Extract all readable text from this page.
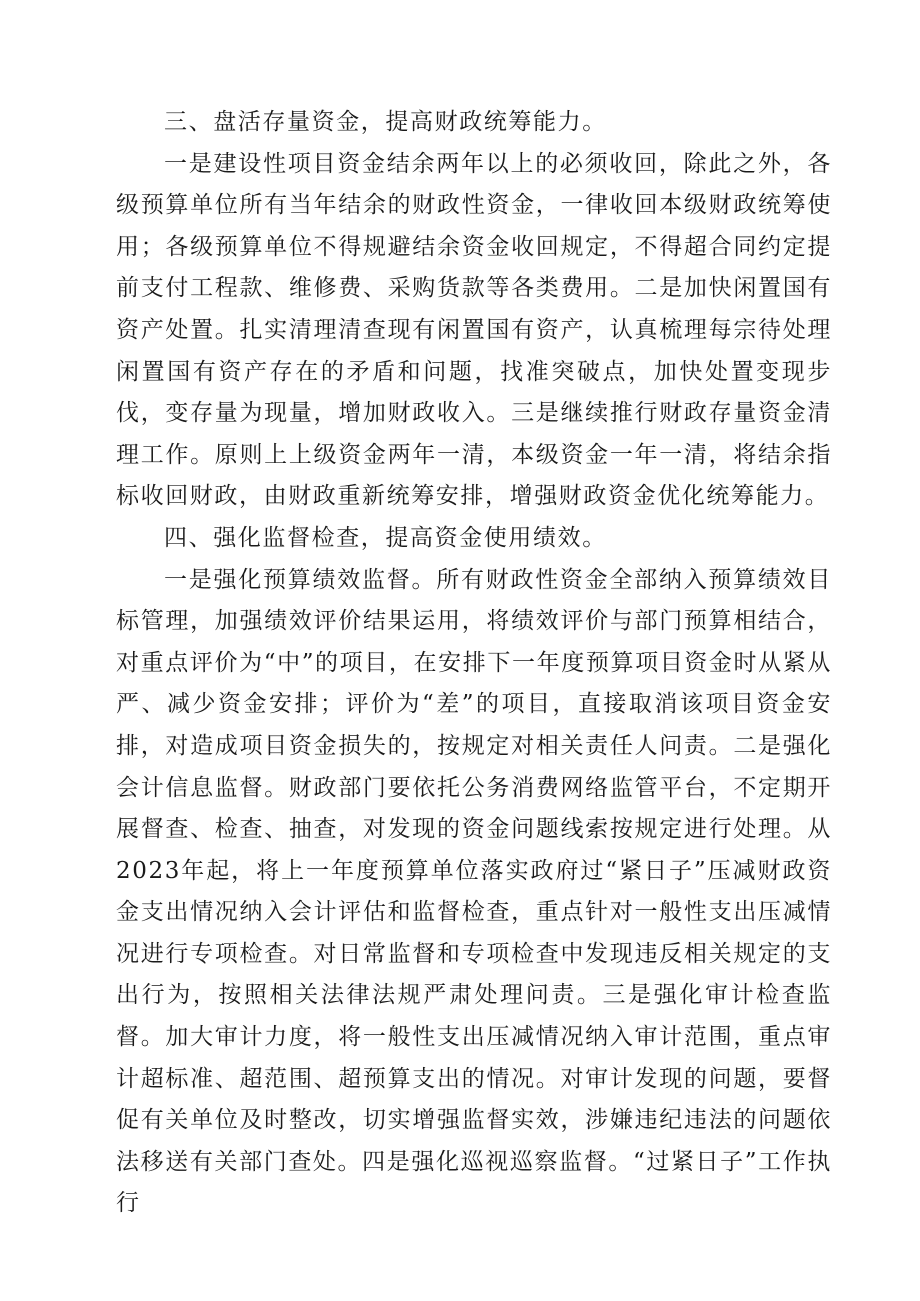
三、盘活存量资金，提高财政统筹能力。

一是建设性项目资金结余两年以上的必须收回，除此之外，各级预算单位所有当年结余的财政性资金，一律收回本级财政统筹使用；各级预算单位不得规避结余资金收回规定，不得超合同约定提前支付工程款、维修费、采购货款等各类费用。二是加快闲置国有资产处置。扎实清理清查现有闲置国有资产，认真梳理每宗待处理闲置国有资产存在的矛盾和问题，找准突破点，加快处置变现步伐，变存量为现量，增加财政收入。三是继续推行财政存量资金清理工作。原则上上级资金两年一清，本级资金一年一清，将结余指标收回财政，由财政重新统筹安排，增强财政资金优化统筹能力。

四、强化监督检查，提高资金使用绩效。

一是强化预算绩效监督。所有财政性资金全部纳入预算绩效目标管理，加强绩效评价结果运用，将绩效评价与部门预算相结合，对重点评价为“中”的项目，在安排下一年度预算项目资金时从紧从严、减少资金安排；评价为“差”的项目，直接取消该项目资金安排，对造成项目资金损失的，按规定对相关责任人问责。二是强化会计信息监督。财政部门要依托公务消费网络监管平台，不定期开展督查、检查、抽查，对发现的资金问题线索按规定进行处理。从2023年起，将上一年度预算单位落实政府过“紧日子”压减财政资金支出情况纳入会计评估和监督检查，重点针对一般性支出压减情况进行专项检查。对日常监督和专项检查中发现违反相关规定的支出行为，按照相关法律法规严肃处理问责。三是强化审计检查监督。加大审计力度，将一般性支出压减情况纳入审计范围，重点审计超标准、超范围、超预算支出的情况。对审计发现的问题，要督促有关单位及时整改，切实增强监督实效，涉嫌违纪违法的问题依法移送有关部门查处。四是强化巡视巡察监督。“过紧日子”工作执行
